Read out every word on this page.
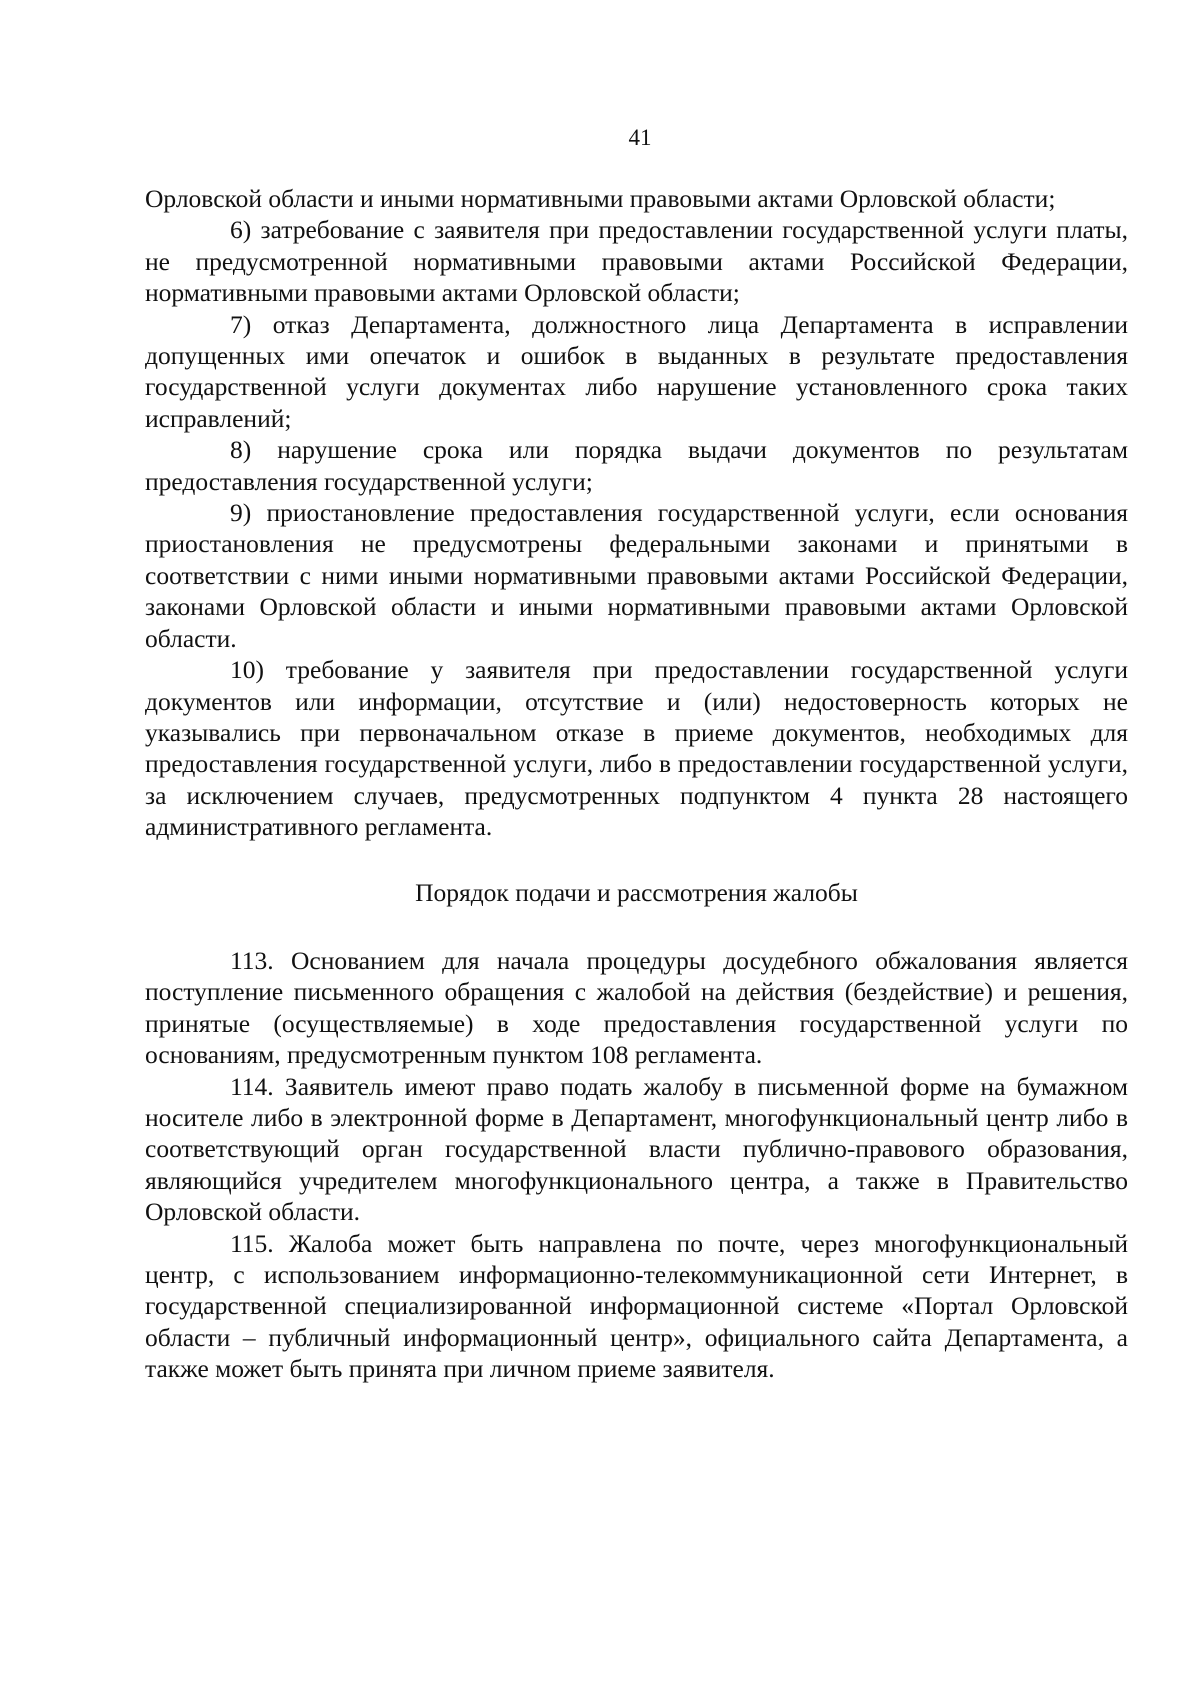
41

Орловской области и иными нормативными правовыми актами Орловской области;

6) затребование с заявителя при предоставлении государственной услуги платы, не предусмотренной нормативными правовыми актами Российской Федерации, нормативными правовыми актами Орловской области;

7) отказ Департамента, должностного лица Департамента в исправлении допущенных ими опечаток и ошибок в выданных в результате предоставления государственной услуги документах либо нарушение установленного срока таких исправлений;

8) нарушение срока или порядка выдачи документов по результатам предоставления государственной услуги;

9) приостановление предоставления государственной услуги, если основания приостановления не предусмотрены федеральными законами и принятыми в соответствии с ними иными нормативными правовыми актами Российской Федерации, законами Орловской области и иными нормативными правовыми актами Орловской области.

10) требование у заявителя при предоставлении государственной услуги документов или информации, отсутствие и (или) недостоверность которых не указывались при первоначальном отказе в приеме документов, необходимых для предоставления государственной услуги, либо в предоставлении государственной услуги, за исключением случаев, предусмотренных подпунктом 4 пункта 28 настоящего административного регламента.

Порядок подачи и рассмотрения жалобы

113. Основанием для начала процедуры досудебного обжалования является поступление письменного обращения с жалобой на действия (бездействие) и решения, принятые (осуществляемые) в ходе предоставления государственной услуги по основаниям, предусмотренным пунктом 108 регламента.

114. Заявитель имеют право подать жалобу в письменной форме на бумажном носителе либо в электронной форме в Департамент, многофункциональный центр либо в соответствующий орган государственной власти публично-правового образования, являющийся учредителем многофункционального центра, а также в Правительство Орловской области.

115. Жалоба может быть направлена по почте, через многофункциональный центр, с использованием информационно-телекоммуникационной сети Интернет, в государственной специализированной информационной системе «Портал Орловской области – публичный информационный центр», официального сайта Департамента, а также может быть принята при личном приеме заявителя.
